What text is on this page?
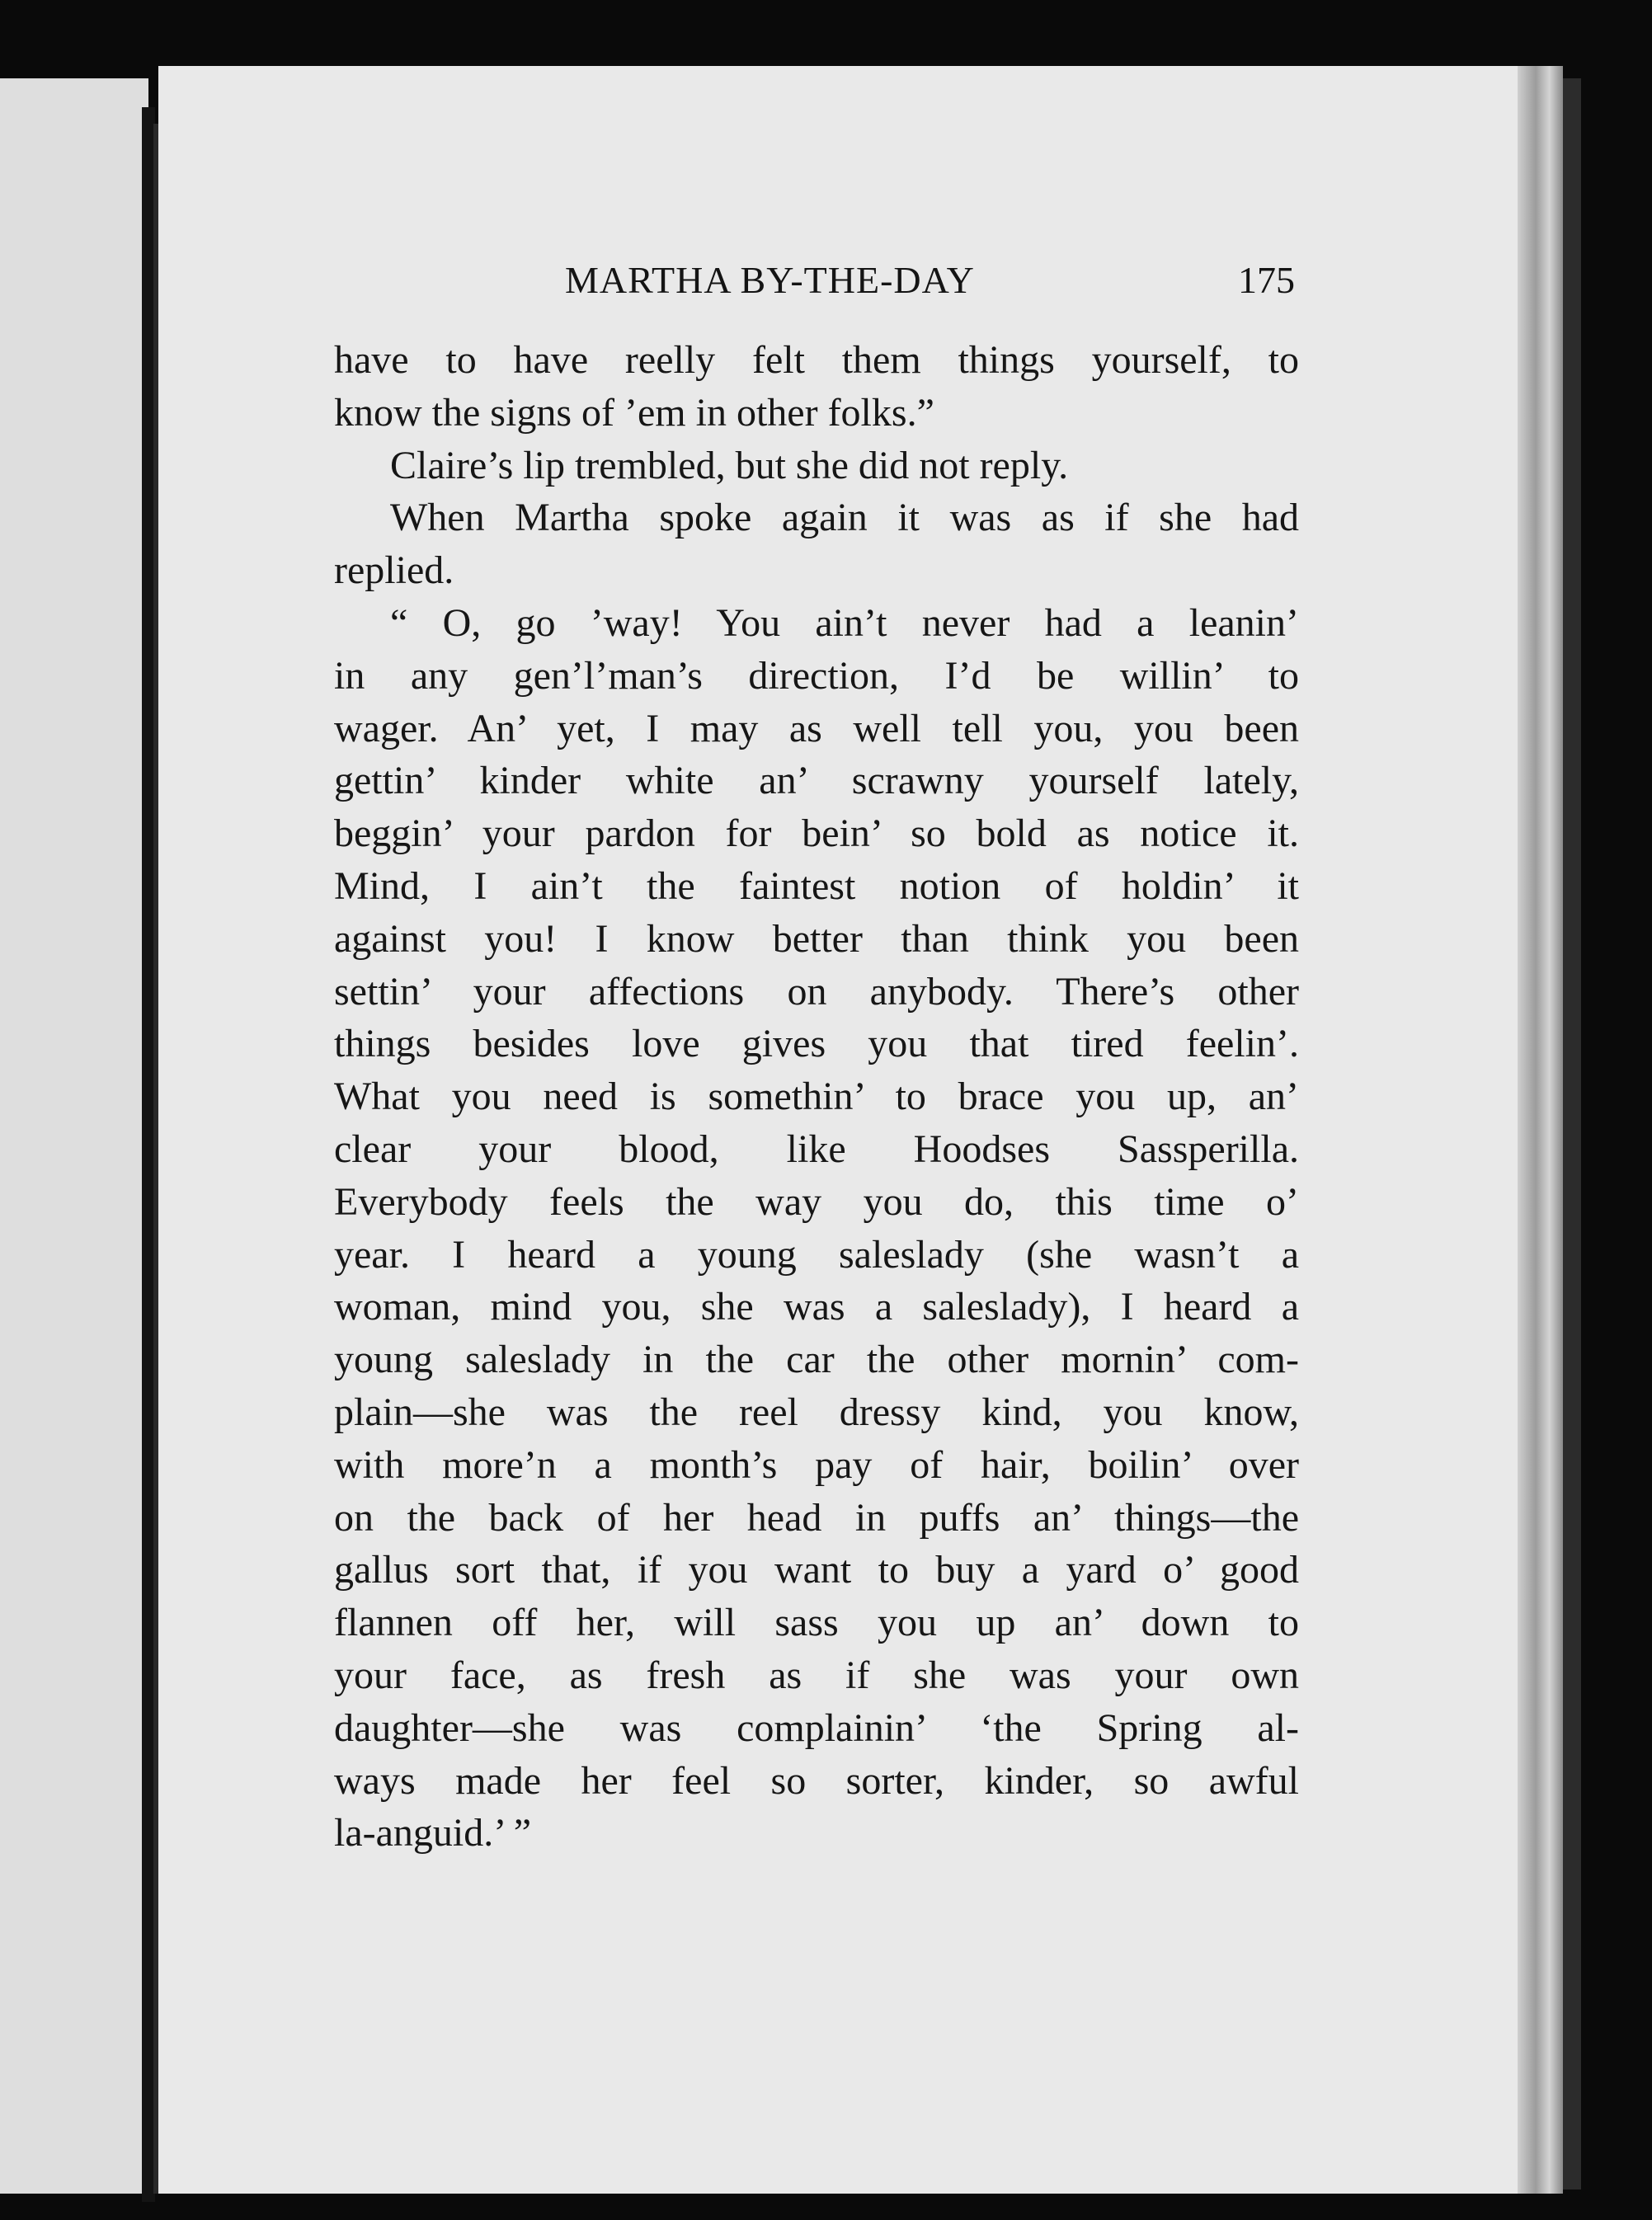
MARTHA BY-THE-DAY	175
have to have reelly felt them things yourself, to
know the signs of ’em in other folks.”
Claire’s lip trembled, but she did not reply.
When Martha spoke again it was as if she had
replied.
“ O, go ’way! You ain’t never had a leanin’
in any gen’l’man’s direction, I’d be willin’ to
wager. An’ yet, I may as well tell you, you been
gettin’ kinder white an’ scrawny yourself lately,
beggin’ your pardon for bein’ so bold as notice it.
Mind, I ain’t the faintest notion of holdin’ it
against you! I know better than think you been
settin’ your affections on anybody. There’s other
things besides love gives you that tired feelin’.
What you need is somethin’ to brace you up, an’
clear your blood, like Hoodses Sassperilla.
Everybody feels the way you do, this time o’
year. I heard a young saleslady (she wasn’t a
woman, mind you, she was a saleslady), I heard a
young saleslady in the car the other mornin’ com-
plain—she was the reel dressy kind, you know,
with more’n a month’s pay of hair, boilin’ over
on the back of her head in puffs an’ things—the
gallus sort that, if you want to buy a yard o’ good
flannen off her, will sass you up an’ down to
your face, as fresh as if she was your own
daughter—she was complainin’ ‘the Spring al-
ways made her feel so sorter, kinder, so awful
la-anguid.’ ”
